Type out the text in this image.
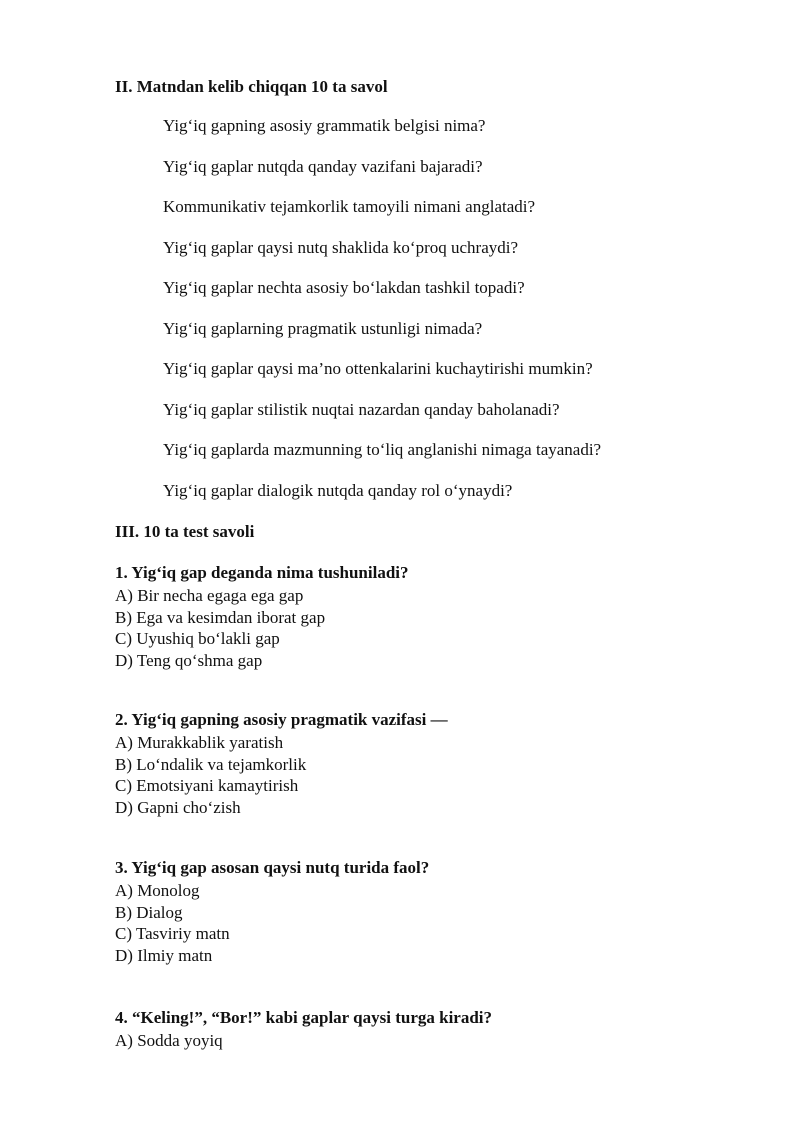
II. Matndan kelib chiqqan 10 ta savol
Yig‘iq gapning asosiy grammatik belgisi nima?
Yig‘iq gaplar nutqda qanday vazifani bajaradi?
Kommunikativ tejamkorlik tamoyili nimani anglatadi?
Yig‘iq gaplar qaysi nutq shaklida ko‘proq uchraydi?
Yig‘iq gaplar nechta asosiy bo‘lakdan tashkil topadi?
Yig‘iq gaplarning pragmatik ustunligi nimada?
Yig‘iq gaplar qaysi ma’no ottenkalarini kuchaytirishi mumkin?
Yig‘iq gaplar stilistik nuqtai nazardan qanday baholanadi?
Yig‘iq gaplarda mazmunning to‘liq anglanishi nimaga tayanadi?
Yig‘iq gaplar dialogik nutqda qanday rol o‘ynaydi?
III. 10 ta test savoli
1. Yig‘iq gap deganda nima tushuniladi?
A) Bir necha egaga ega gap
B) Ega va kesimdan iborat gap
C) Uyushiq bo‘lakli gap
D) Teng qo‘shma gap
2. Yig‘iq gapning asosiy pragmatik vazifasi —
A) Murakkablik yaratish
B) Lo‘ndalik va tejamkorlik
C) Emotsiyani kamaytirish
D) Gapni cho‘zish
3. Yig‘iq gap asosan qaysi nutq turida faol?
A) Monolog
B) Dialog
C) Tasviriy matn
D) Ilmiy matn
4. “Keling!”, “Bor!” kabi gaplar qaysi turga kiradi?
A) Sodda yoyiq
